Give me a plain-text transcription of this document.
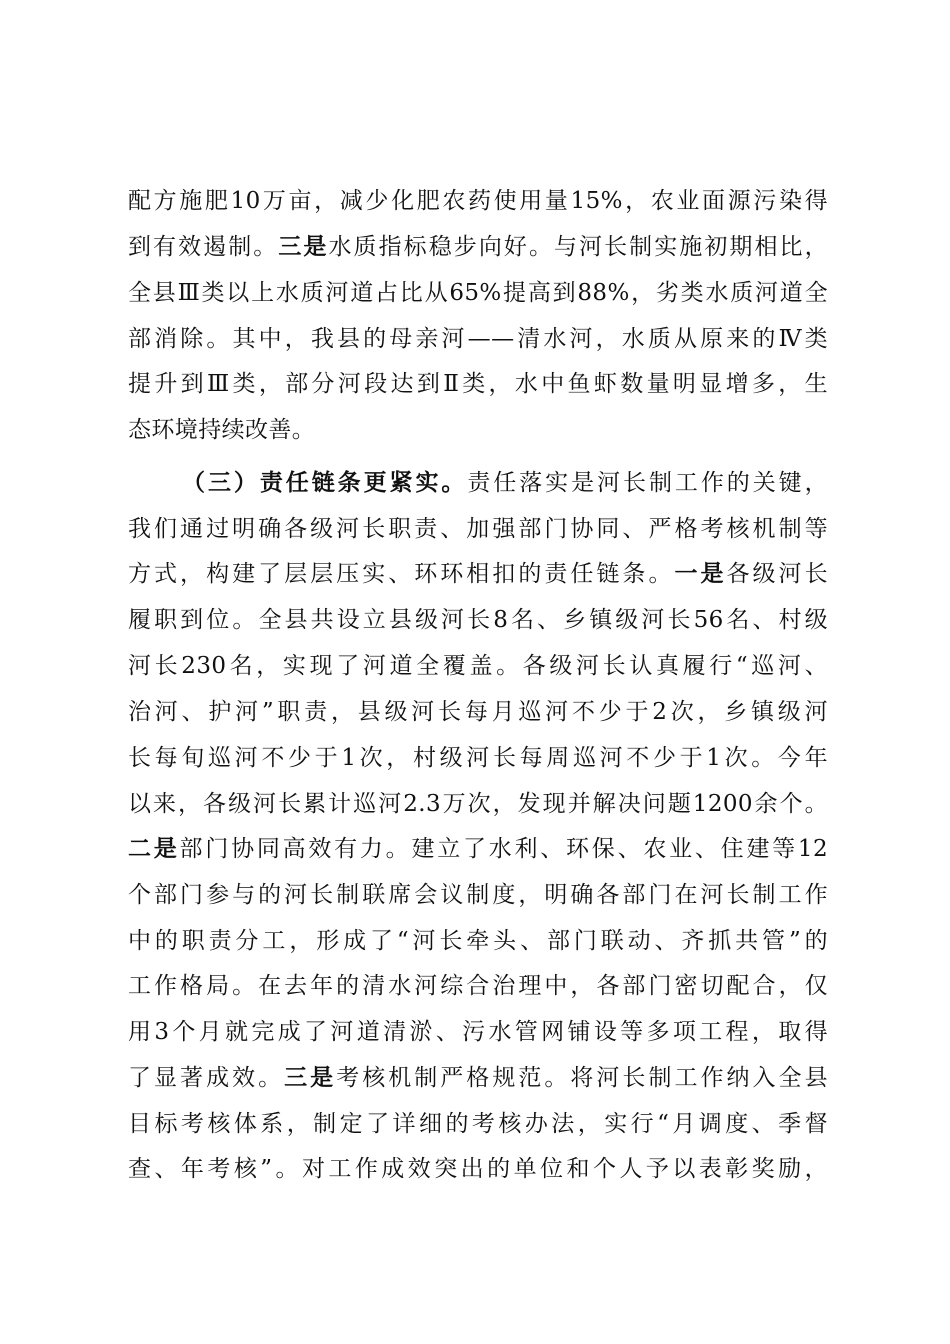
配方施肥10万亩，减少化肥农药使用量15%，农业面源污染得
到有效遏制。三是水质指标稳步向好。与河长制实施初期相比，
全县Ⅲ类以上水质河道占比从65%提高到88%，劣类水质河道全
部消除。其中，我县的母亲河——清水河，水质从原来的Ⅳ类
提升到Ⅲ类，部分河段达到Ⅱ类，水中鱼虾数量明显增多，生
态环境持续改善。
（三）责任链条更紧实。责任落实是河长制工作的关键，
我们通过明确各级河长职责、加强部门协同、严格考核机制等
方式，构建了层层压实、环环相扣的责任链条。一是各级河长
履职到位。全县共设立县级河长8名、乡镇级河长56名、村级
河长230名，实现了河道全覆盖。各级河长认真履行“巡河、
治河、护河”职责，县级河长每月巡河不少于2次，乡镇级河
长每旬巡河不少于1次，村级河长每周巡河不少于1次。今年
以来，各级河长累计巡河2.3万次，发现并解决问题1200余个。
二是部门协同高效有力。建立了水利、环保、农业、住建等12
个部门参与的河长制联席会议制度，明确各部门在河长制工作
中的职责分工，形成了“河长牵头、部门联动、齐抓共管”的
工作格局。在去年的清水河综合治理中，各部门密切配合，仅
用3个月就完成了河道清淤、污水管网铺设等多项工程，取得
了显著成效。三是考核机制严格规范。将河长制工作纳入全县
目标考核体系，制定了详细的考核办法，实行“月调度、季督
查、年考核”。对工作成效突出的单位和个人予以表彰奖励，
